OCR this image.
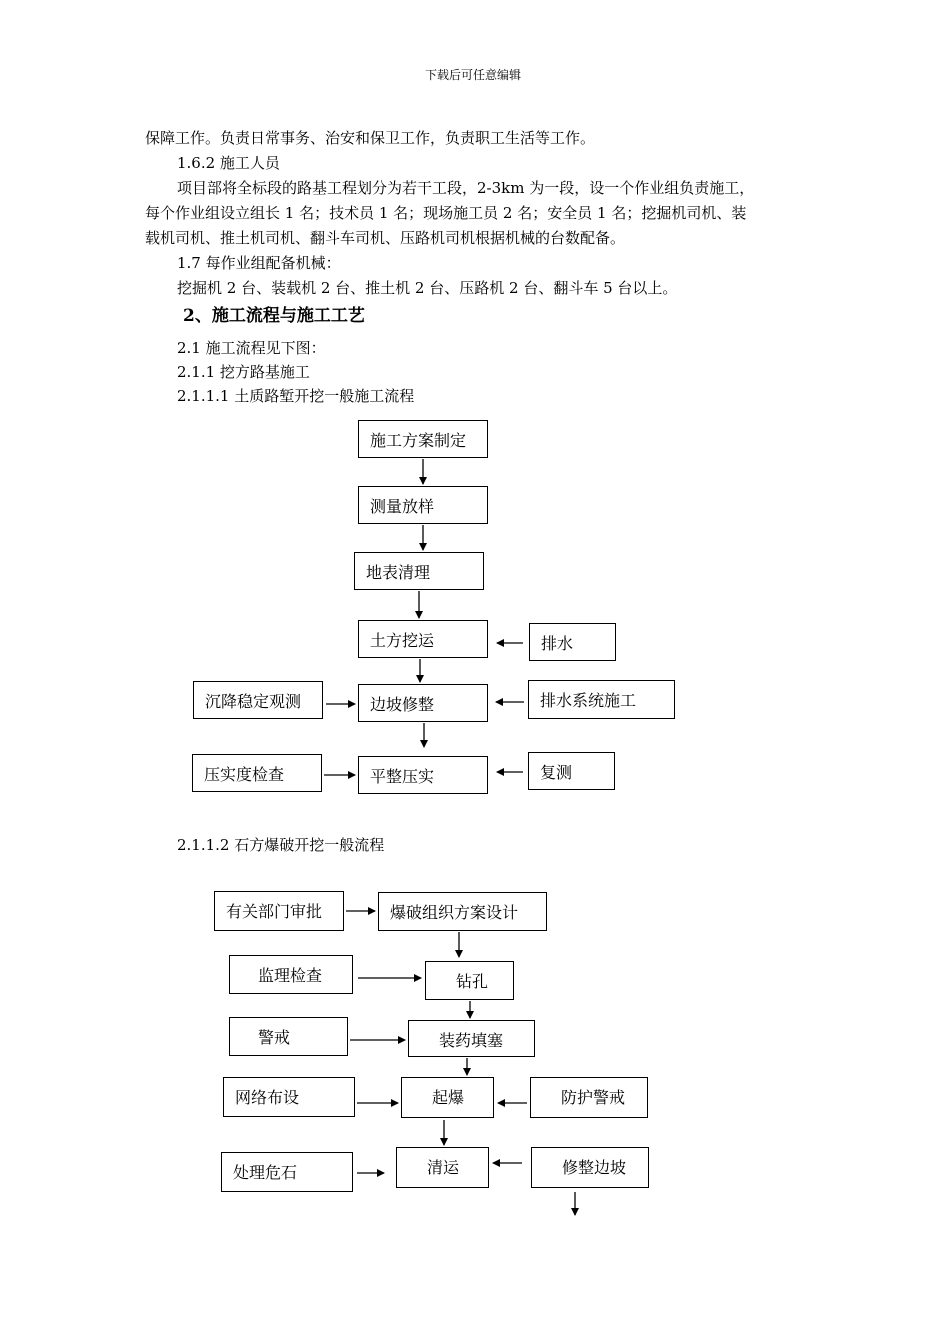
下载后可任意编辑
保障工作。负责日常事务、治安和保卫工作，负责职工生活等工作。
1.6.2 施工人员
项目部将全标段的路基工程划分为若干工段，2-3km 为一段，设一个作业组负责施工，
每个作业组设立组长 1 名；技术员 1 名；现场施工员 2 名；安全员 1 名；挖掘机司机、装
载机司机、推土机司机、翻斗车司机、压路机司机根据机械的台数配备。
1.7 每作业组配备机械：
挖掘机 2 台、装载机 2 台、推土机 2 台、压路机 2 台、翻斗车 5 台以上。
2、施工流程与施工工艺
2.1 施工流程见下图：
2.1.1 挖方路基施工
2.1.1.1 土质路堑开挖一般施工流程
施工方案制定
测量放样
地表清理
土方挖运	排水
沉降稳定观测	边坡修整	排水系统施工
压实度检查	平整压实	复测
2.1.1.2 石方爆破开挖一般流程
有关部门审批	爆破组织方案设计
监理检查	钻孔
警戒	装药填塞
网络布设	起爆	防护警戒
处理危石	清运	修整边坡
